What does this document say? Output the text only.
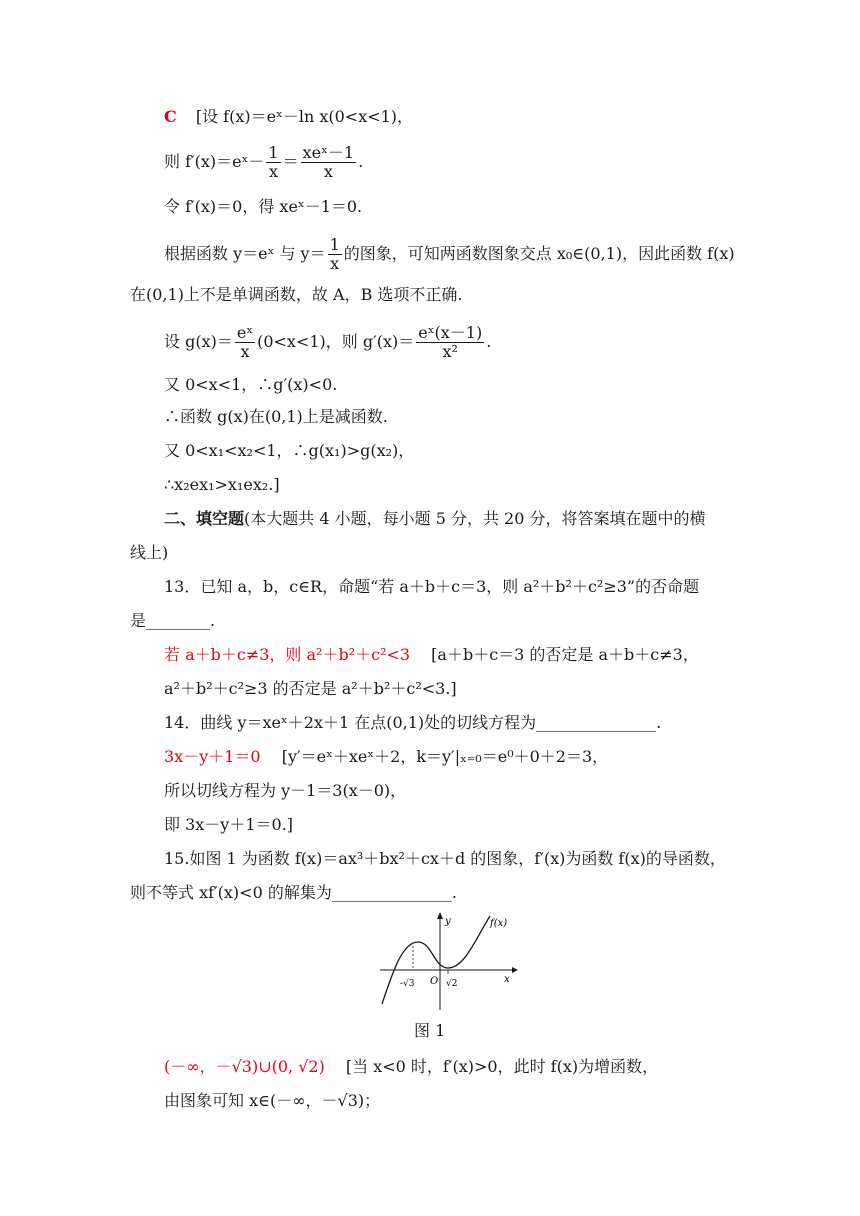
C [设 f(x)＝eˣ－ln x(0<x<1)，
则 f′(x)＝eˣ－ $\frac{1}{x} = \frac{\text{xeˣ－1}}{x}$ .
令 f′(x)＝0，得 xeˣ－1＝0.
根据函数 y＝eˣ 与 $y= \frac{1}{x}$ 的图象，可知两函数图象交点 x₀∈(0,1)，因此函数 f(x)
在(0,1)上不是单调函数，故 A，B 选项不正确.
设 $g(x)= \frac{\text{eˣ}}{x} (0<x<1)$，则 $g'(x)= \frac{\text{eˣ(x－1)}}{\text{x²}}$ .
又 0<x<1，∴g′(x)<0.
∴函数 g(x)在(0,1)上是减函数.
又 0<x₁<x₂<1，∴g(x₁)>g(x₂)，
∴x₂ex₁>x₁ex₂.]
二、填空题(本大题共 4 小题，每小题 5 分，共 20 分，将答案填在题中的横
线上)
13．已知 a，b，c∈R，命题“若 a＋b＋c＝3，则 a²＋b²＋c²≥3”的否命题
是________.
若 a＋b＋c≠3，则 a²＋b²＋c²<3 [a＋b＋c＝3 的否定是 a＋b＋c≠3，
a²＋b²＋c²≥3 的否定是 a²＋b²＋c²<3.]
14．曲线 y＝xeˣ＋2x＋1 在点(0,1)处的切线方程为_______________.
3x－y＋1＝0 [y′＝eˣ＋xeˣ＋2，k＝y′|ₓ₌₀＝e⁰＋0＋2＝3，
所以切线方程为 y－1＝3(x－0)，
即 3x－y＋1＝0.]
15.如图 1 为函数 f(x)＝ax³＋bx²＋cx＋d 的图象，f′(x)为函数 f(x)的导函数，
则不等式 xf′(x)<0 的解集为_______________.
y
x
f(x)
O
-√3	√2
图 1
(－∞，－√3)∪(0, √2) [当 x<0 时，f′(x)>0，此时 f(x)为增函数，
由图象可知 x∈(－∞，－√3)；
